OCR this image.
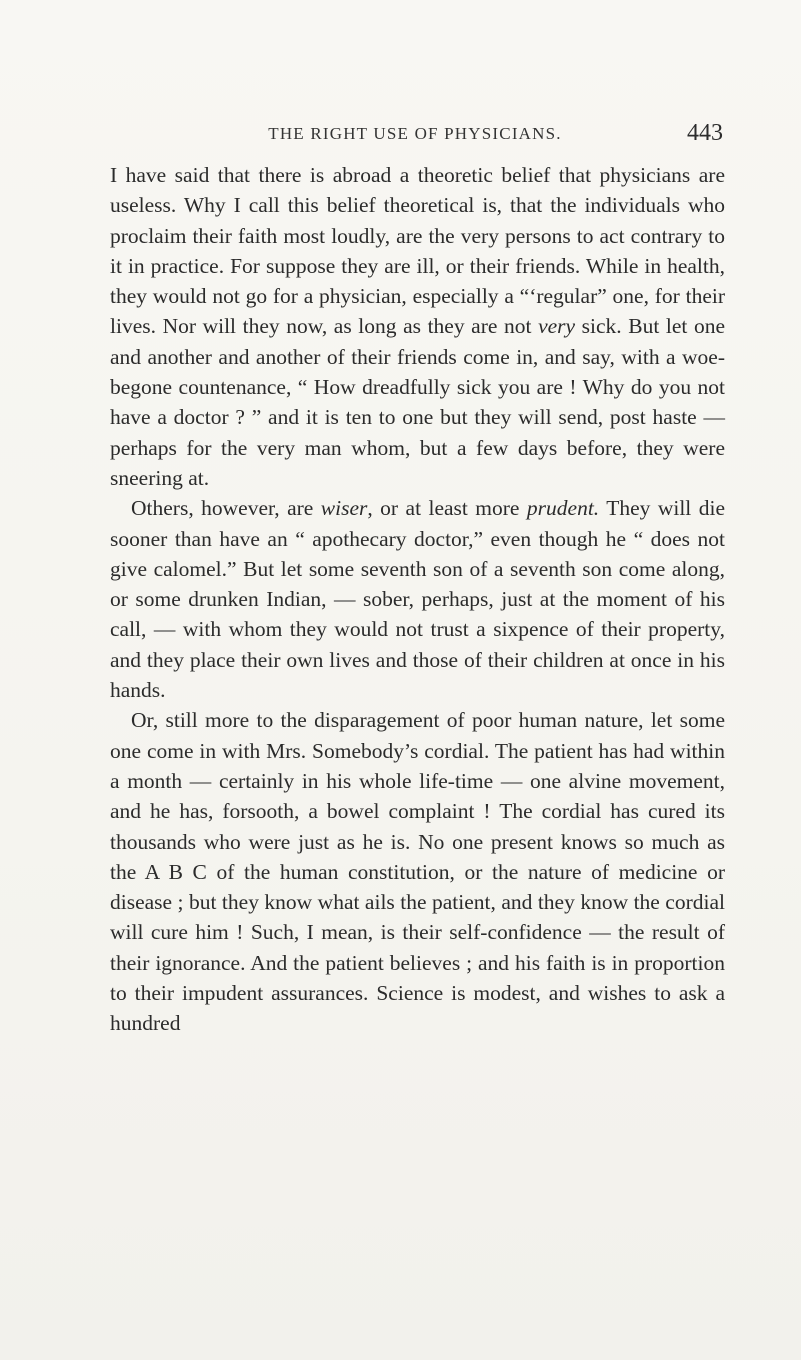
THE RIGHT USE OF PHYSICIANS.	443

I have said that there is abroad a theoretic belief that physicians are useless. Why I call this belief theoretical is, that the individuals who proclaim their faith most loudly, are the very persons to act contrary to it in practice. For suppose they are ill, or their friends. While in health, they would not go for a physician, especially a “‘regular” one, for their lives. Nor will they now, as long as they are not very sick. But let one and another and another of their friends come in, and say, with a woe-begone countenance, “ How dreadfully sick you are ! Why do you not have a doctor ? ” and it is ten to one but they will send, post haste — perhaps for the very man whom, but a few days before, they were sneering at.

Others, however, are wiser, or at least more prudent. They will die sooner than have an “ apothecary doctor,” even though he “ does not give calomel.” But let some seventh son of a seventh son come along, or some drunken Indian, — sober, perhaps, just at the moment of his call, — with whom they would not trust a sixpence of their property, and they place their own lives and those of their children at once in his hands.

Or, still more to the disparagement of poor human nature, let some one come in with Mrs. Somebody’s cordial. The patient has had within a month — certainly in his whole life-time — one alvine movement, and he has, forsooth, a bowel complaint ! The cordial has cured its thousands who were just as he is. No one present knows so much as the A B C of the human constitution, or the nature of medicine or disease ; but they know what ails the patient, and they know the cordial will cure him ! Such, I mean, is their self-confidence — the result of their ignorance. And the patient believes ; and his faith is in proportion to their impudent assurances. Science is modest, and wishes to ask a hundred
